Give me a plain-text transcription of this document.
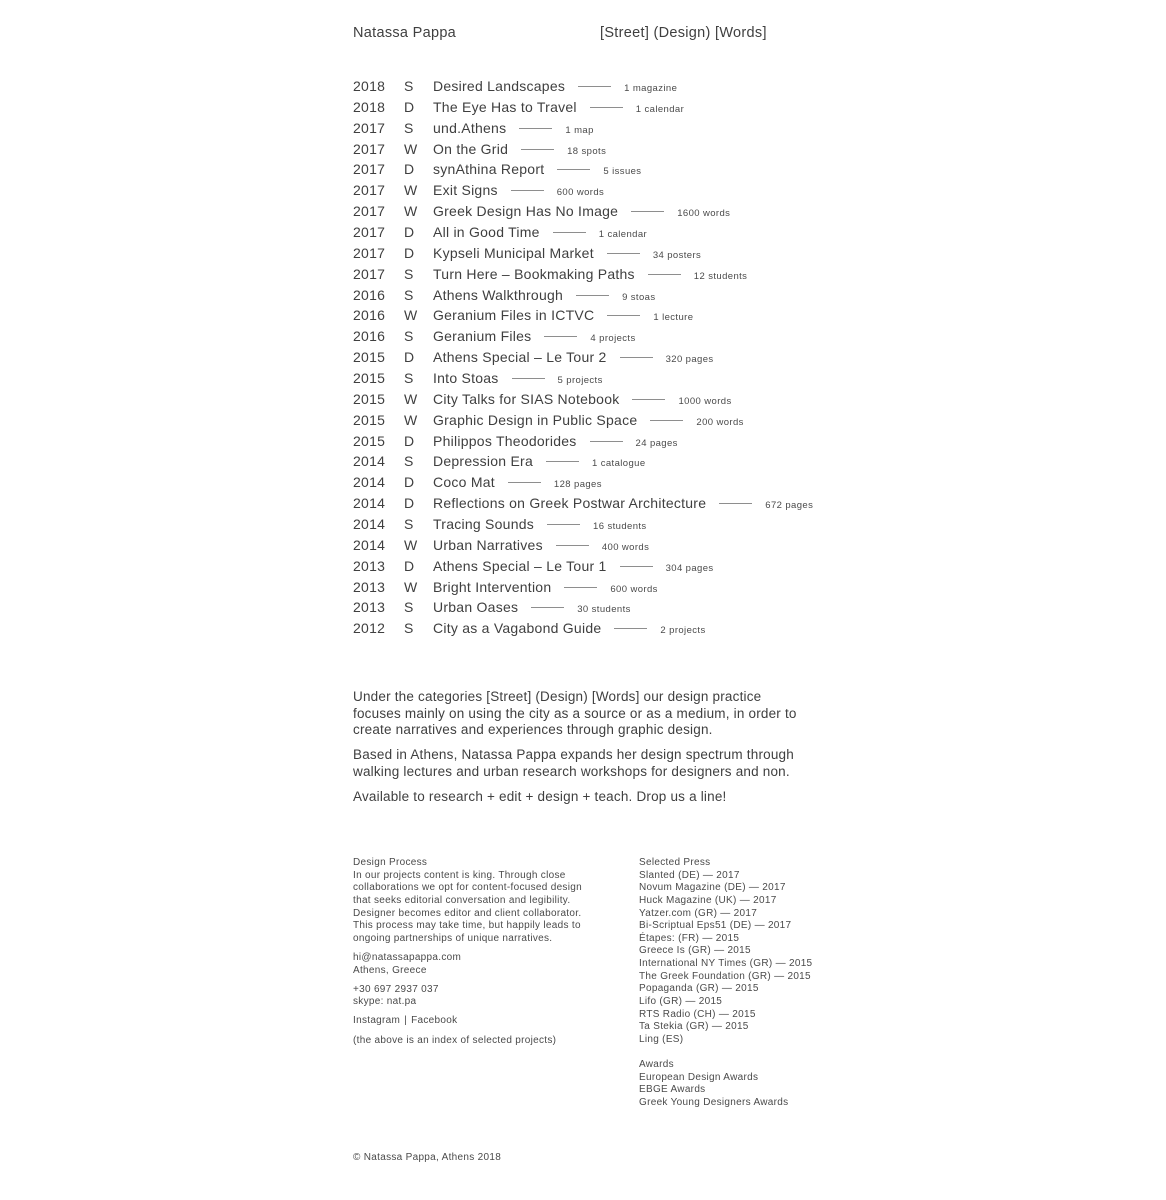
Natassa Pappa	[Street] (Design) [Words]
2018	S	Desired Landscapes	1 magazine
2018	D	The Eye Has to Travel	1 calendar
2017	S	und.Athens	1 map
2017	W	On the Grid	18 spots
2017	D	synAthina Report	5 issues
2017	W	Exit Signs	600 words
2017	W	Greek Design Has No Image	1600 words
2017	D	All in Good Time	1 calendar
2017	D	Kypseli Municipal Market	34 posters
2017	S	Turn Here – Bookmaking Paths	12 students
2016	S	Athens Walkthrough	9 stoas
2016	W	Geranium Files in ICTVC	1 lecture
2016	S	Geranium Files	4 projects
2015	D	Athens Special – Le Tour 2	320 pages
2015	S	Into Stoas	5 projects
2015	W	City Talks for SIAS Notebook	1000 words
2015	W	Graphic Design in Public Space	200 words
2015	D	Philippos Theodorides	24 pages
2014	S	Depression Era	1 catalogue
2014	D	Coco Mat	128 pages
2014	D	Reflections on Greek Postwar Architecture	672 pages
2014	S	Tracing Sounds	16 students
2014	W	Urban Narratives	400 words
2013	D	Athens Special – Le Tour 1	304 pages
2013	W	Bright Intervention	600 words
2013	S	Urban Oases	30 students
2012	S	City as a Vagabond Guide	2 projects

Under the categories [Street] (Design) [Words] our design practice focuses mainly on using the city as a source or as a medium, in order to create narratives and experiences through graphic design.

Based in Athens, Natassa Pappa expands her design spectrum through walking lectures and urban research workshops for designers and non.

Available to research + edit + design + teach. Drop us a line!

Design Process
In our projects content is king. Through close collaborations we opt for content-focused design that seeks editorial conversation and legibility. Designer becomes editor and client collaborator. This process may take time, but happily leads to ongoing partnerships of unique narratives.
hi@natassapappa.com
Athens, Greece
+30 697 2937 037
skype: nat.pa
Instagram | Facebook
(the above is an index of selected projects)
Selected Press
Slanted (DE) — 2017
Novum Magazine (DE) — 2017
Huck Magazine (UK) — 2017
Yatzer.com (GR) — 2017
Bi-Scriptual Eps51 (DE) — 2017
Étapes: (FR) — 2015
Greece Is (GR) — 2015
International NY Times (GR) — 2015
The Greek Foundation (GR) — 2015
Popaganda (GR) — 2015
Lifo (GR) — 2015
RTS Radio (CH) — 2015
Ta Stekia (GR) — 2015
Ling (ES)
Awards
European Design Awards
EBGE Awards
Greek Young Designers Awards
© Natassa Pappa, Athens 2018
